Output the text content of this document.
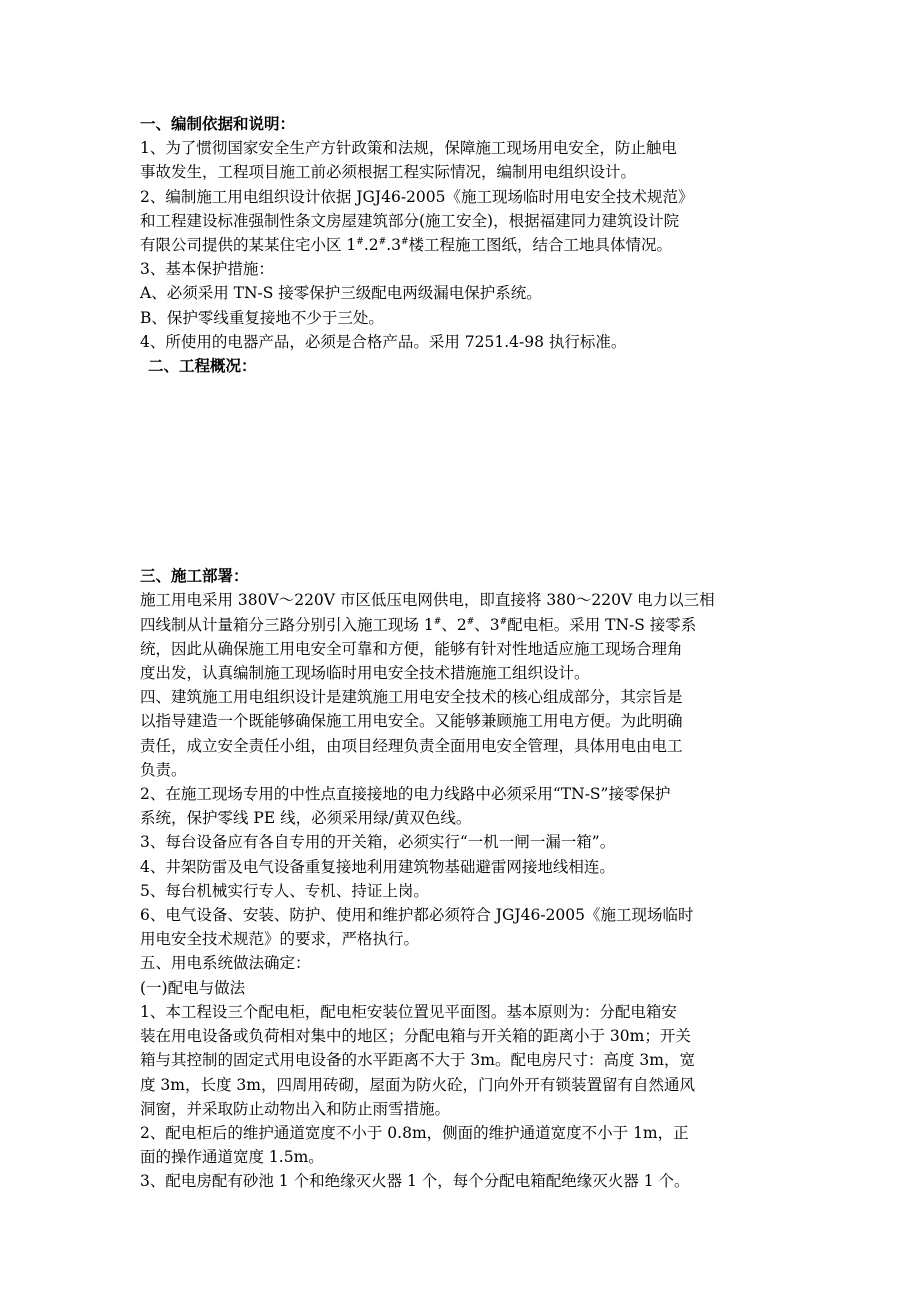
一、编制依据和说明：

1、为了惯彻国家安全生产方针政策和法规，保障施工现场用电安全，防止触电

事故发生，工程项目施工前必须根据工程实际情况，编制用电组织设计。

2、编制施工用电组织设计依据 JGJ46-2005《施工现场临时用电安全技术规范》

和工程建设标准强制性条文房屋建筑部分(施工安全)，根据福建同力建筑设计院

有限公司提供的某某住宅小区 1#.2#.3#楼工程施工图纸，结合工地具体情况。

3、基本保护措施：

A、必须采用 TN-S 接零保护三级配电两级漏电保护系统。

B、保护零线重复接地不少于三处。

4、所使用的电器产品，必须是合格产品。采用 7251.4-98 执行标准。

二、工程概况：

三、施工部署：

施工用电采用 380V～220V 市区低压电网供电，即直接将 380～220V 电力以三相

四线制从计量箱分三路分别引入施工现场 1#、2#、3#配电柜。采用 TN-S 接零系

统，因此从确保施工用电安全可靠和方便，能够有针对性地适应施工现场合理角

度出发，认真编制施工现场临时用电安全技术措施施工组织设计。

四、建筑施工用电组织设计是建筑施工用电安全技术的核心组成部分，其宗旨是

以指导建造一个既能够确保施工用电安全。又能够兼顾施工用电方便。为此明确

责任，成立安全责任小组，由项目经理负责全面用电安全管理，具体用电由电工

负责。

2、在施工现场专用的中性点直接接地的电力线路中必须采用“TN-S”接零保护

系统，保护零线 PE 线，必须采用绿/黄双色线。

3、每台设备应有各自专用的开关箱，必须实行“一机一闸一漏一箱”。

4、井架防雷及电气设备重复接地利用建筑物基础避雷网接地线相连。

5、每台机械实行专人、专机、持证上岗。

6、电气设备、安装、防护、使用和维护都必须符合 JGJ46-2005《施工现场临时

用电安全技术规范》的要求，严格执行。

五、用电系统做法确定：

(一)配电与做法

1、本工程设三个配电柜，配电柜安装位置见平面图。基本原则为：分配电箱安

装在用电设备或负荷相对集中的地区；分配电箱与开关箱的距离小于 30m；开关

箱与其控制的固定式用电设备的水平距离不大于 3m。配电房尺寸：高度 3m，宽

度 3m，长度 3m，四周用砖砌，屋面为防火砼，门向外开有锁装置留有自然通风

洞窗，并采取防止动物出入和防止雨雪措施。

2、配电柜后的维护通道宽度不小于 0.8m，侧面的维护通道宽度不小于 1m，正

面的操作通道宽度 1.5m。

3、配电房配有砂池 1 个和绝缘灭火器 1 个，每个分配电箱配绝缘灭火器 1 个。
